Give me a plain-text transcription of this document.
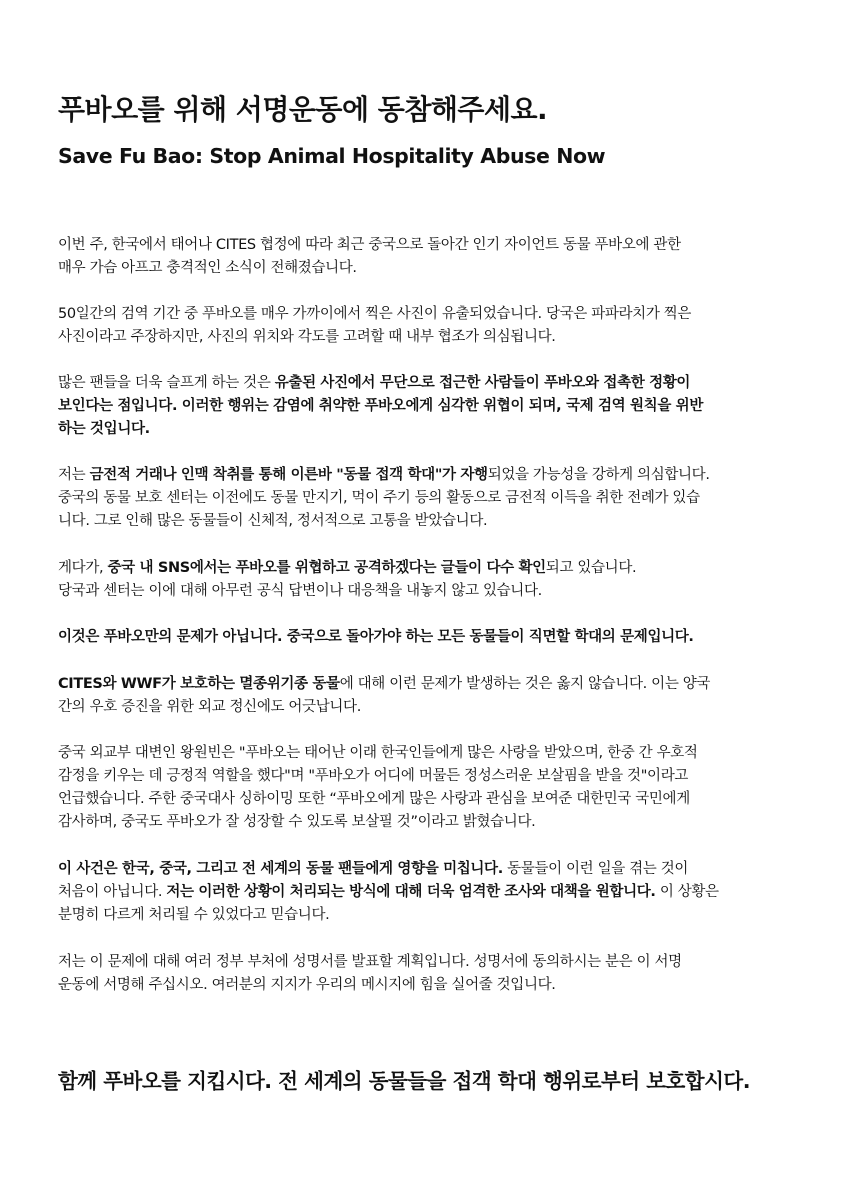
푸바오를 위해 서명운동에 동참해주세요.
Save Fu Bao: Stop Animal Hospitality Abuse Now

이번 주, 한국에서 태어나 CITES 협정에 따라 최근 중국으로 돌아간 인기 자이언트 동물 푸바오에 관한
매우 가슴 아프고 충격적인 소식이 전해졌습니다.

50일간의 검역 기간 중 푸바오를 매우 가까이에서 찍은 사진이 유출되었습니다. 당국은 파파라치가 찍은
사진이라고 주장하지만, 사진의 위치와 각도를 고려할 때 내부 협조가 의심됩니다.

많은 팬들을 더욱 슬프게 하는 것은 유출된 사진에서 무단으로 접근한 사람들이 푸바오와 접촉한 정황이
보인다는 점입니다. 이러한 행위는 감염에 취약한 푸바오에게 심각한 위협이 되며, 국제 검역 원칙을 위반
하는 것입니다.

저는 금전적 거래나 인맥 착취를 통해 이른바 "동물 접객 학대"가 자행되었을 가능성을 강하게 의심합니다.
중국의 동물 보호 센터는 이전에도 동물 만지기, 먹이 주기 등의 활동으로 금전적 이득을 취한 전례가 있습
니다. 그로 인해 많은 동물들이 신체적, 정서적으로 고통을 받았습니다.

게다가, 중국 내 SNS에서는 푸바오를 위협하고 공격하겠다는 글들이 다수 확인되고 있습니다.
당국과 센터는 이에 대해 아무런 공식 답변이나 대응책을 내놓지 않고 있습니다.

이것은 푸바오만의 문제가 아닙니다. 중국으로 돌아가야 하는 모든 동물들이 직면할 학대의 문제입니다.

CITES와 WWF가 보호하는 멸종위기종 동물에 대해 이런 문제가 발생하는 것은 옳지 않습니다. 이는 양국
간의 우호 증진을 위한 외교 정신에도 어긋납니다.

중국 외교부 대변인 왕원빈은 "푸바오는 태어난 이래 한국인들에게 많은 사랑을 받았으며, 한중 간 우호적
감정을 키우는 데 긍정적 역할을 했다"며 "푸바오가 어디에 머물든 정성스러운 보살핌을 받을 것"이라고
언급했습니다. 주한 중국대사 싱하이밍 또한 “푸바오에게 많은 사랑과 관심을 보여준 대한민국 국민에게
감사하며, 중국도 푸바오가 잘 성장할 수 있도록 보살필 것”이라고 밝혔습니다.

이 사건은 한국, 중국, 그리고 전 세계의 동물 팬들에게 영향을 미칩니다. 동물들이 이런 일을 겪는 것이
처음이 아닙니다. 저는 이러한 상황이 처리되는 방식에 대해 더욱 엄격한 조사와 대책을 원합니다. 이 상황은
분명히 다르게 처리될 수 있었다고 믿습니다.

저는 이 문제에 대해 여러 정부 부처에 성명서를 발표할 계획입니다. 성명서에 동의하시는 분은 이 서명
운동에 서명해 주십시오. 여러분의 지지가 우리의 메시지에 힘을 실어줄 것입니다.

함께 푸바오를 지킵시다. 전 세계의 동물들을 접객 학대 행위로부터 보호합시다.
